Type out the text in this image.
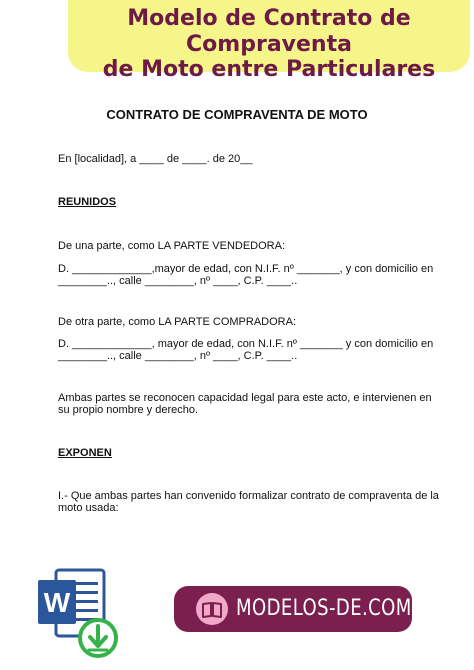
Modelo de Contrato de
Compraventa
de Moto entre Particulares
CONTRATO DE COMPRAVENTA DE MOTO
En [localidad], a ____ de ____. de 20__
REUNIDOS
De una parte, como LA PARTE VENDEDORA:
D. _____________,mayor de edad, con N.I.F. nº _______, y con domicilio en
________.., calle ________, nº ____, C.P. ____..
De otra parte, como LA PARTE COMPRADORA:
D. _____________, mayor de edad, con N.I.F. nº _______ y con domicilio en
________.., calle ________, nº ____, C.P. ____..
Ambas partes se reconocen capacidad legal para este acto, e intervienen en
su propio nombre y derecho.
EXPONEN
I.- Que ambas partes han convenido formalizar contrato de compraventa de la
moto usada:
W	MODELOS-DE.COM
